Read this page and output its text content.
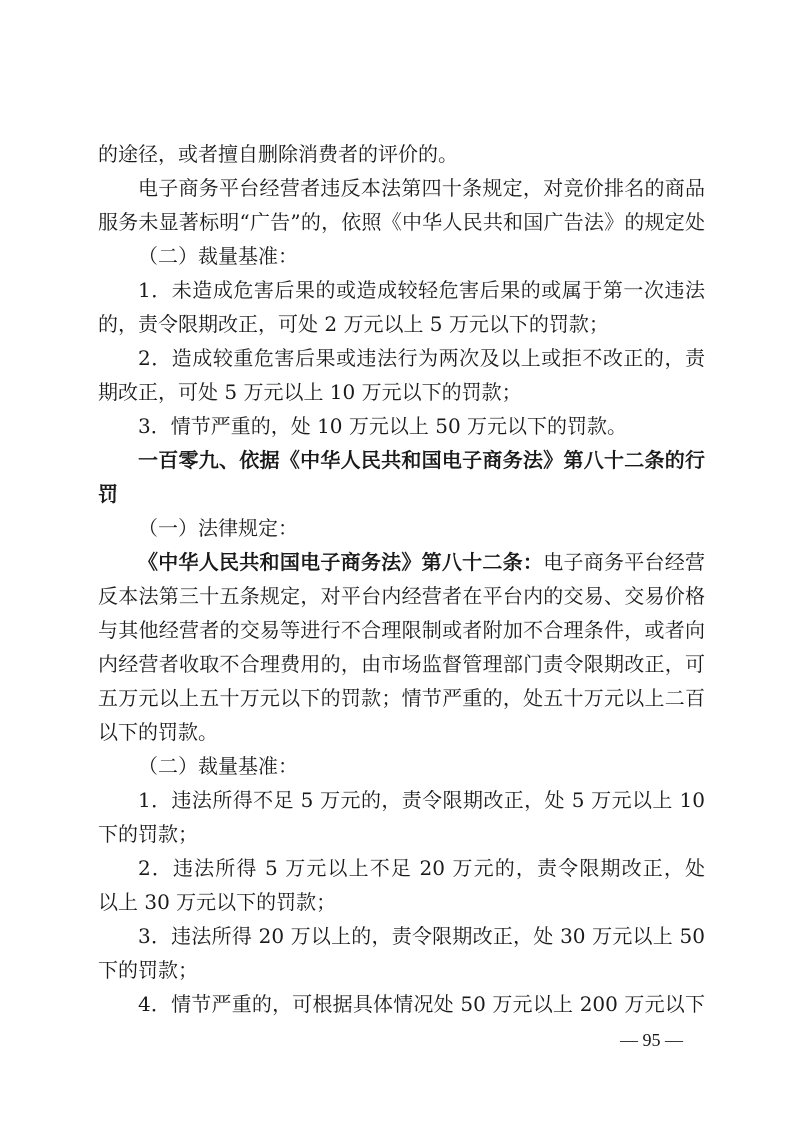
的途径，或者擅自删除消费者的评价的。
电子商务平台经营者违反本法第四十条规定，对竞价排名的商品
服务未显著标明“广告”的，依照《中华人民共和国广告法》的规定处
（二）裁量基准：
1．未造成危害后果的或造成较轻危害后果的或属于第一次违法
的，责令限期改正，可处 2 万元以上 5 万元以下的罚款；
2．造成较重危害后果或违法行为两次及以上或拒不改正的，责
期改正，可处 5 万元以上 10 万元以下的罚款；
3．情节严重的，处 10 万元以上 50 万元以下的罚款。
一百零九、依据《中华人民共和国电子商务法》第八十二条的行
罚
（一）法律规定：
《中华人民共和国电子商务法》第八十二条：电子商务平台经营
反本法第三十五条规定，对平台内经营者在平台内的交易、交易价格
与其他经营者的交易等进行不合理限制或者附加不合理条件，或者向
内经营者收取不合理费用的，由市场监督管理部门责令限期改正，可
五万元以上五十万元以下的罚款；情节严重的，处五十万元以上二百
以下的罚款。
（二）裁量基准：
1．违法所得不足 5 万元的，责令限期改正，处 5 万元以上 10
下的罚款；
2．违法所得 5 万元以上不足 20 万元的，责令限期改正，处
以上 30 万元以下的罚款；
3．违法所得 20 万以上的，责令限期改正，处 30 万元以上 50
下的罚款；
4．情节严重的，可根据具体情况处 50 万元以上 200 万元以下
— 95 —
